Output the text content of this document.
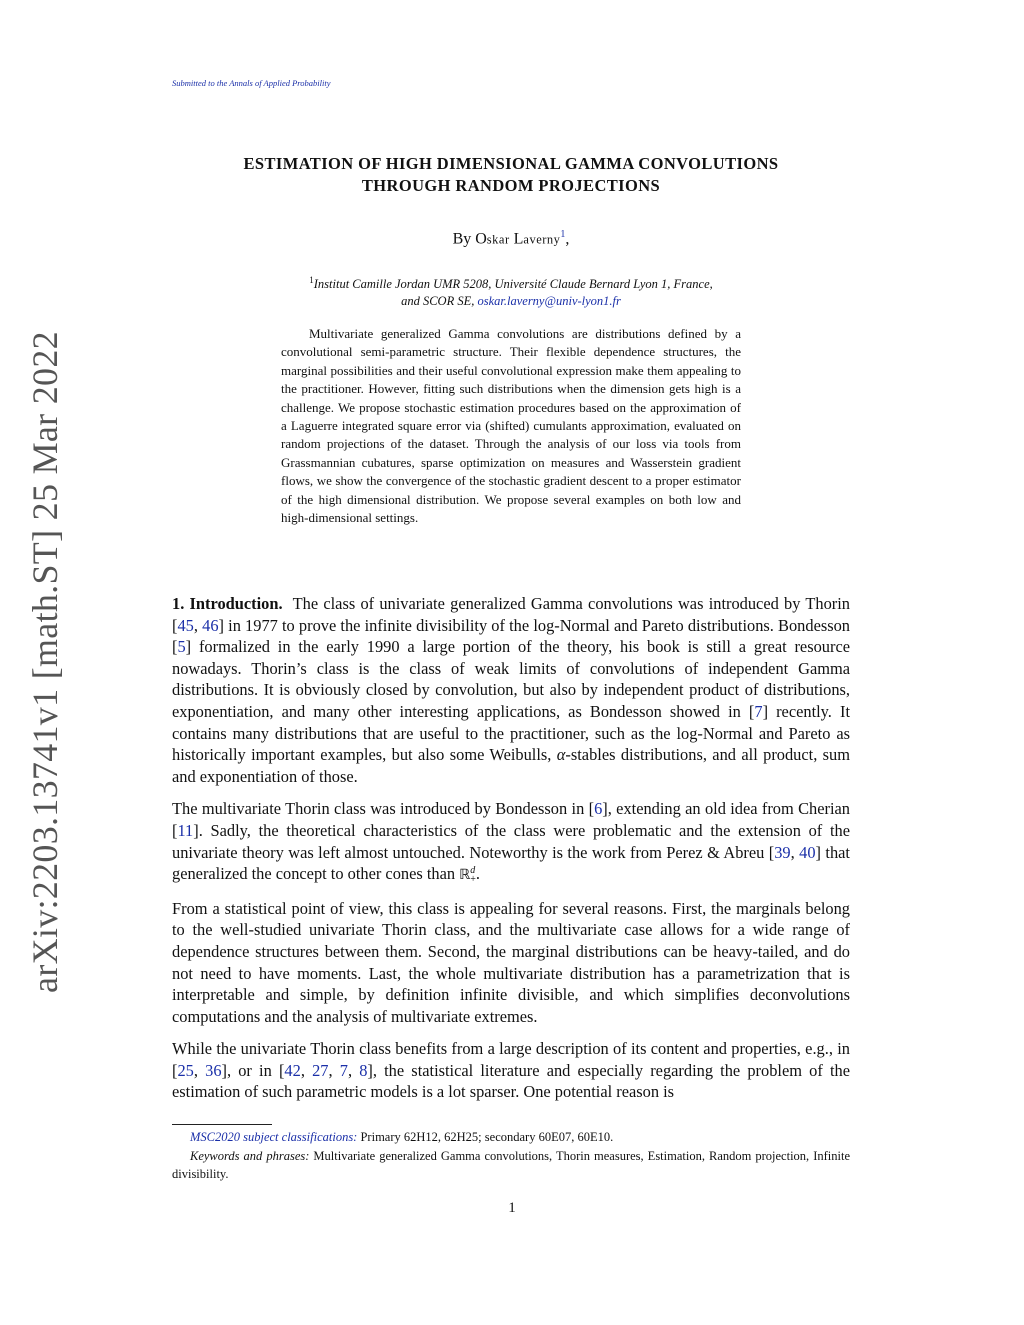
arXiv:2203.13741v1 [math.ST] 25 Mar 2022
Submitted to the Annals of Applied Probability
ESTIMATION OF HIGH DIMENSIONAL GAMMA CONVOLUTIONS
THROUGH RANDOM PROJECTIONS
By Oskar Laverny$^1$,
$^1$Institut Camille Jordan UMR 5208, Université Claude Bernard Lyon 1, France,
and SCOR SE, oskar.laverny@univ-lyon1.fr
Multivariate generalized Gamma convolutions are distributions defined by a convolutional semi-parametric structure. Their flexible dependence structures, the marginal possibilities and their useful convolutional expression make them appealing to the practitioner. However, fitting such distributions when the dimension gets high is a challenge. We propose stochastic estimation procedures based on the approximation of a Laguerre integrated square error via (shifted) cumulants approximation, evaluated on random projections of the dataset. Through the analysis of our loss via tools from Grassmannian cubatures, sparse optimization on measures and Wasserstein gradient flows, we show the convergence of the stochastic gradient descent to a proper estimator of the high dimensional distribution. We propose several examples on both low and high-dimensional settings.

1. Introduction. The class of univariate generalized Gamma convolutions was introduced by Thorin [45, 46] in 1977 to prove the infinite divisibility of the log-Normal and Pareto distributions. Bondesson [5] formalized in the early 1990 a large portion of the theory, his book is still a great resource nowadays. Thorin’s class is the class of weak limits of convolutions of independent Gamma distributions. It is obviously closed by convolution, but also by independent product of distributions, exponentiation, and many other interesting applications, as Bondesson showed in [7] recently. It contains many distributions that are useful to the practitioner, such as the log-Normal and Pareto as historically important examples, but also some Weibulls, α-stables distributions, and all product, sum and exponentiation of those.

The multivariate Thorin class was introduced by Bondesson in [6], extending an old idea from Cherian [11]. Sadly, the theoretical characteristics of the class were problematic and the extension of the univariate theory was left almost untouched. Noteworthy is the work from Perez & Abreu [39, 40] that generalized the concept to other cones than ℝ d
+ .

From a statistical point of view, this class is appealing for several reasons. First, the marginals belong to the well-studied univariate Thorin class, and the multivariate case allows for a wide range of dependence structures between them. Second, the marginal distributions can be heavy-tailed, and do not need to have moments. Last, the whole multivariate distribution has a parametrization that is interpretable and simple, by definition infinite divisible, and which simplifies deconvolutions computations and the analysis of multivariate extremes.

While the univariate Thorin class benefits from a large description of its content and properties, e.g., in [25, 36], or in [42, 27, 7, 8], the statistical literature and especially regarding the problem of the estimation of such parametric models is a lot sparser. One potential reason is

MSC2020 subject classifications: Primary 62H12, 62H25; secondary 60E07, 60E10.

Keywords and phrases: Multivariate generalized Gamma convolutions, Thorin measures, Estimation, Random projection, Infinite divisibility.

1
